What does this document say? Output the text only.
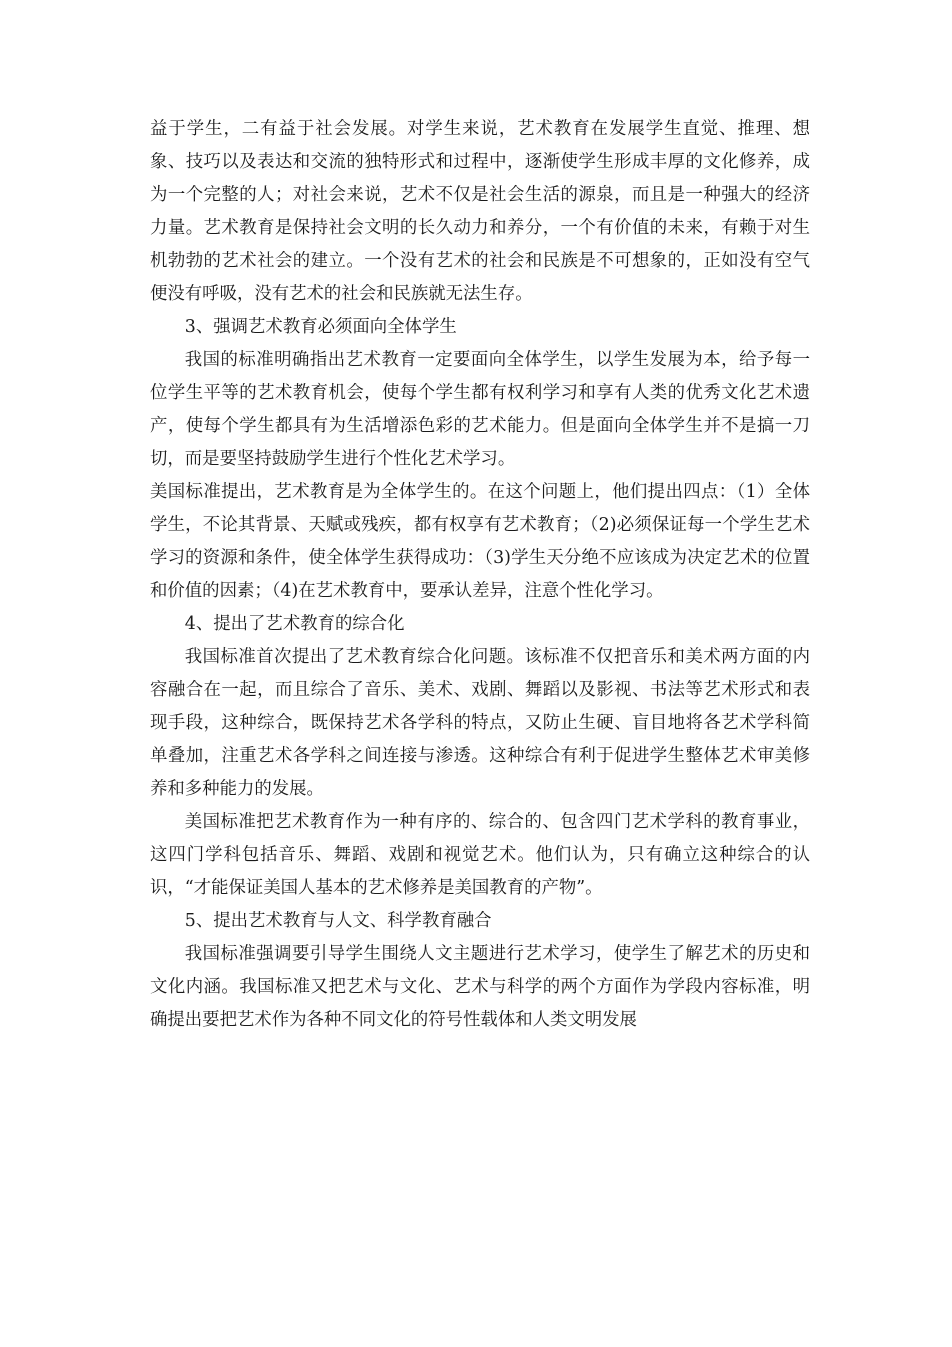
益于学生，二有益于社会发展。对学生来说，艺术教育在发展学生直觉、推理、想象、技巧以及表达和交流的独特形式和过程中，逐渐使学生形成丰厚的文化修养，成为一个完整的人；对社会来说，艺术不仅是社会生活的源泉，而且是一种强大的经济力量。艺术教育是保持社会文明的长久动力和养分，一个有价值的未来，有赖于对生机勃勃的艺术社会的建立。一个没有艺术的社会和民族是不可想象的，正如没有空气便没有呼吸，没有艺术的社会和民族就无法生存。

3、强调艺术教育必须面向全体学生

我国的标准明确指出艺术教育一定要面向全体学生，以学生发展为本，给予每一位学生平等的艺术教育机会，使每个学生都有权利学习和享有人类的优秀文化艺术遗产，使每个学生都具有为生活增添色彩的艺术能力。但是面向全体学生并不是搞一刀切，而是要坚持鼓励学生进行个性化艺术学习。

美国标准提出，艺术教育是为全体学生的。在这个问题上，他们提出四点：（1）全体学生，不论其背景、天赋或残疾，都有权享有艺术教育；（2)必须保证每一个学生艺术学习的资源和条件，使全体学生获得成功：（3)学生天分绝不应该成为决定艺术的位置和价值的因素；（4)在艺术教育中，要承认差异，注意个性化学习。

4、提出了艺术教育的综合化

我国标准首次提出了艺术教育综合化问题。该标准不仅把音乐和美术两方面的内容融合在一起，而且综合了音乐、美术、戏剧、舞蹈以及影视、书法等艺术形式和表现手段，这种综合，既保持艺术各学科的特点，又防止生硬、盲目地将各艺术学科简单叠加，注重艺术各学科之间连接与渗透。这种综合有利于促进学生整体艺术审美修养和多种能力的发展。

美国标准把艺术教育作为一种有序的、综合的、包含四门艺术学科的教育事业，这四门学科包括音乐、舞蹈、戏剧和视觉艺术。他们认为，只有确立这种综合的认识，“才能保证美国人基本的艺术修养是美国教育的产物”。

5、提出艺术教育与人文、科学教育融合

我国标准强调要引导学生围绕人文主题进行艺术学习，使学生了解艺术的历史和文化内涵。我国标准又把艺术与文化、艺术与科学的两个方面作为学段内容标准，明确提出要把艺术作为各种不同文化的符号性载体和人类文明发展
